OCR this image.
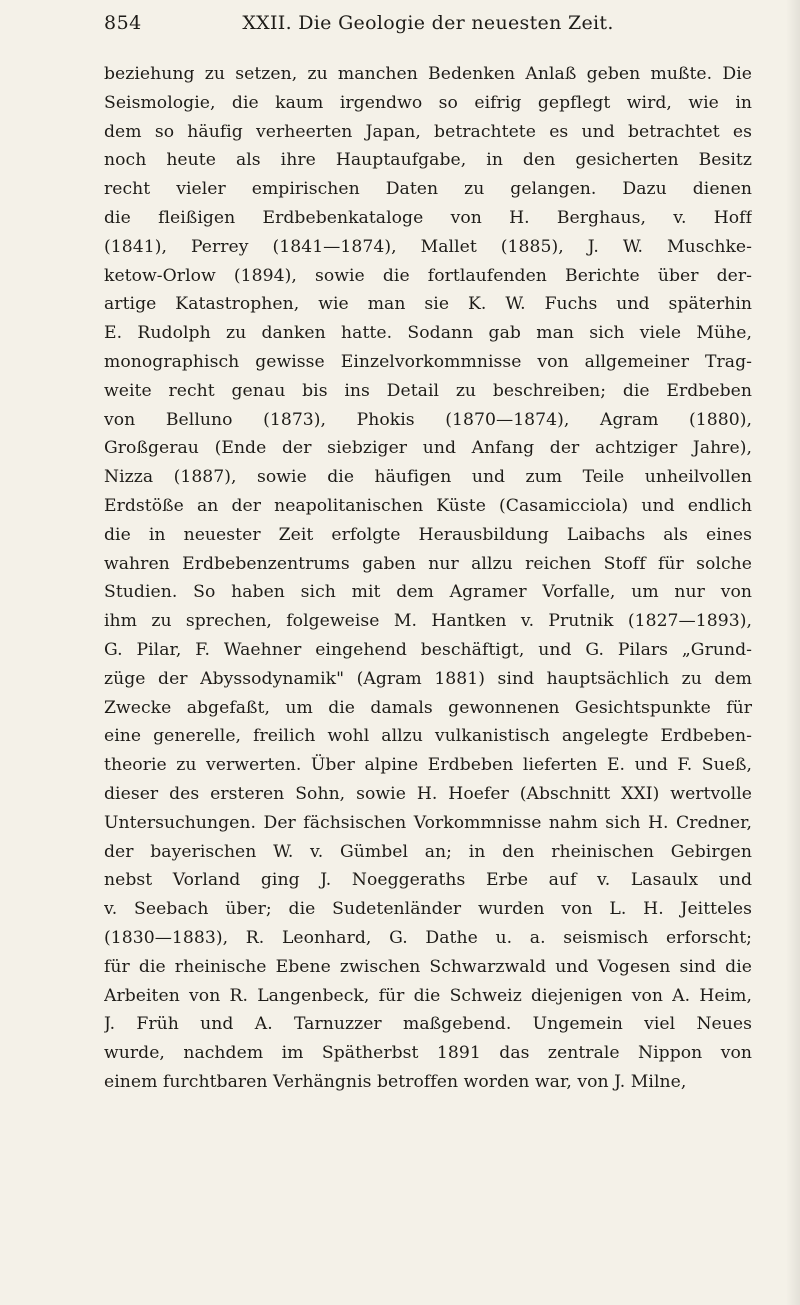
854	XXII. Die Geologie der neuesten Zeit.
beziehung zu setzen, zu manchen Bedenken Anlaß geben mußte. Die
Seismologie, die kaum irgendwo so eifrig gepflegt wird, wie in
dem so häufig verheerten Japan, betrachtete es und betrachtet es
noch heute als ihre Hauptaufgabe, in den gesicherten Besitz
recht vieler empirischen Daten zu gelangen. Dazu dienen
die fleißigen Erdbebenkataloge von H. Berghaus, v. Hoff
(1841), Perrey (1841—1874), Mallet (1885), J. W. Muschke-
ketow-Orlow (1894), sowie die fortlaufenden Berichte über der-
artige Katastrophen, wie man sie K. W. Fuchs und späterhin
E. Rudolph zu danken hatte. Sodann gab man sich viele Mühe,
monographisch gewisse Einzelvorkommnisse von allgemeiner Trag-
weite recht genau bis ins Detail zu beschreiben; die Erdbeben
von Belluno (1873), Phokis (1870—1874), Agram (1880),
Großgerau (Ende der siebziger und Anfang der achtziger Jahre),
Nizza (1887), sowie die häufigen und zum Teile unheilvollen
Erdstöße an der neapolitanischen Küste (Casamicciola) und endlich
die in neuester Zeit erfolgte Herausbildung Laibachs als eines
wahren Erdbebenzentrums gaben nur allzu reichen Stoff für solche
Studien. So haben sich mit dem Agramer Vorfalle, um nur von
ihm zu sprechen, folgeweise M. Hantken v. Prutnik (1827—1893),
G. Pilar, F. Waehner eingehend beschäftigt, und G. Pilars „Grund-
züge der Abyssodynamik" (Agram 1881) sind hauptsächlich zu dem
Zwecke abgefaßt, um die damals gewonnenen Gesichtspunkte für
eine generelle, freilich wohl allzu vulkanistisch angelegte Erdbeben-
theorie zu verwerten. Über alpine Erdbeben lieferten E. und F. Sueß,
dieser des ersteren Sohn, sowie H. Hoefer (Abschnitt XXI) wertvolle
Untersuchungen. Der fächsischen Vorkommnisse nahm sich H. Credner,
der bayerischen W. v. Gümbel an; in den rheinischen Gebirgen
nebst Vorland ging J. Noeggeraths Erbe auf v. Lasaulx und
v. Seebach über; die Sudetenländer wurden von L. H. Jeitteles
(1830—1883), R. Leonhard, G. Dathe u. a. seismisch erforscht;
für die rheinische Ebene zwischen Schwarzwald und Vogesen sind die
Arbeiten von R. Langenbeck, für die Schweiz diejenigen von A. Heim,
J. Früh und A. Tarnuzzer maßgebend. Ungemein viel Neues
wurde, nachdem im Spätherbst 1891 das zentrale Nippon von
einem furchtbaren Verhängnis betroffen worden war, von J. Milne,
